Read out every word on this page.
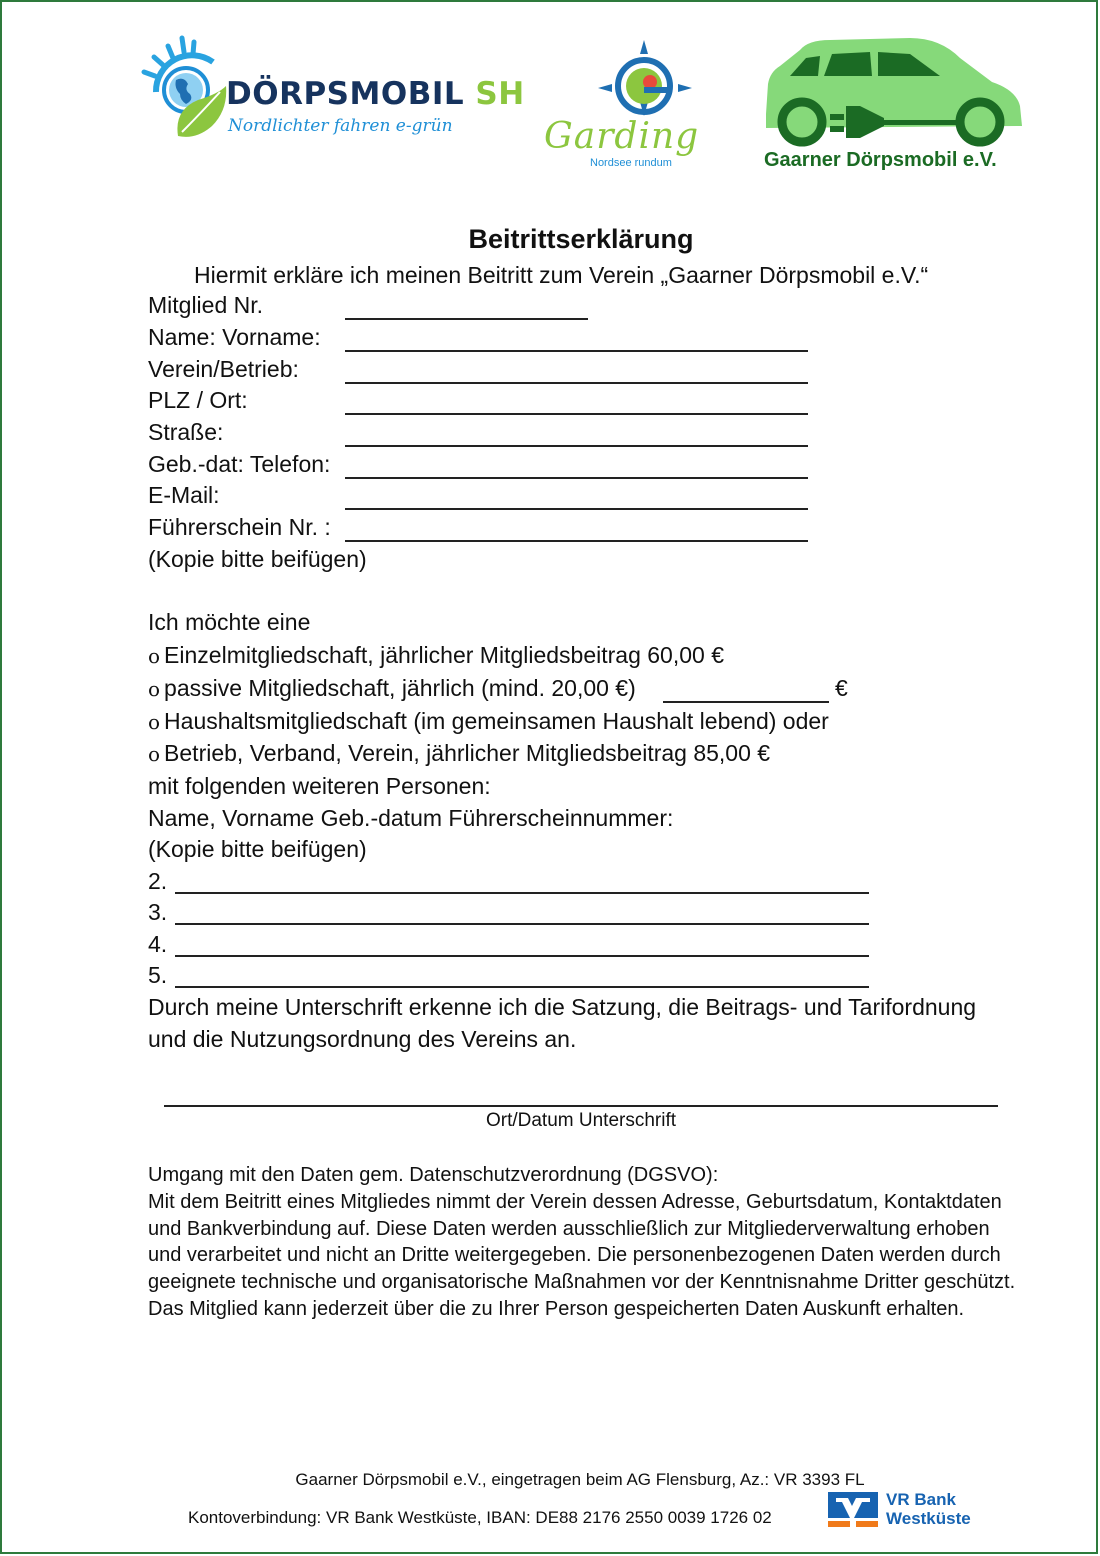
DÖRPSMOBIL SH
Nordlichter fahren e-grün	Garding
Nordsee rundum	Gaarner Dörpsmobil e.V.
Beitrittserklärung
Hiermit erkläre ich meinen Beitritt zum Verein „Gaarner Dörpsmobil e.V.“
Mitglied Nr.
Name: Vorname:
Verein/Betrieb:
PLZ / Ort:
Straße:
Geb.-dat: Telefon:
E-Mail:
Führerschein Nr. :
(Kopie bitte beifügen)
Ich möchte eine
o Einzelmitgliedschaft, jährlicher Mitgliedsbeitrag 60,00 €
o passive Mitgliedschaft, jährlich (mind. 20,00 €)	€
o Haushaltsmitgliedschaft (im gemeinsamen Haushalt lebend) oder
o Betrieb, Verband, Verein, jährlicher Mitgliedsbeitrag 85,00 €
mit folgenden weiteren Personen:
Name, Vorname Geb.-datum Führerscheinnummer:
(Kopie bitte beifügen)
2.
3.
4.
5.
Durch meine Unterschrift erkenne ich die Satzung, die Beitrags- und Tarifordnung
und die Nutzungsordnung des Vereins an.
Ort/Datum Unterschrift

Umgang mit den Daten gem. Datenschutzverordnung (DGSVO):

Mit dem Beitritt eines Mitgliedes nimmt der Verein dessen Adresse, Geburtsdatum, Kontaktdaten und Bankverbindung auf. Diese Daten werden ausschließlich zur Mitgliederverwaltung erhoben und verarbeitet und nicht an Dritte weitergegeben. Die personenbezogenen Daten werden durch geeignete technische und organisatorische Maßnahmen vor der Kenntnisnahme Dritter geschützt. Das Mitglied kann jederzeit über die zu Ihrer Person gespeicherten Daten Auskunft erhalten.

Gaarner Dörpsmobil e.V., eingetragen beim AG Flensburg, Az.: VR 3393 FL
Kontoverbindung: VR Bank Westküste, IBAN: DE88 2176 2550 0039 1726 02
VR Bank
Westküste
